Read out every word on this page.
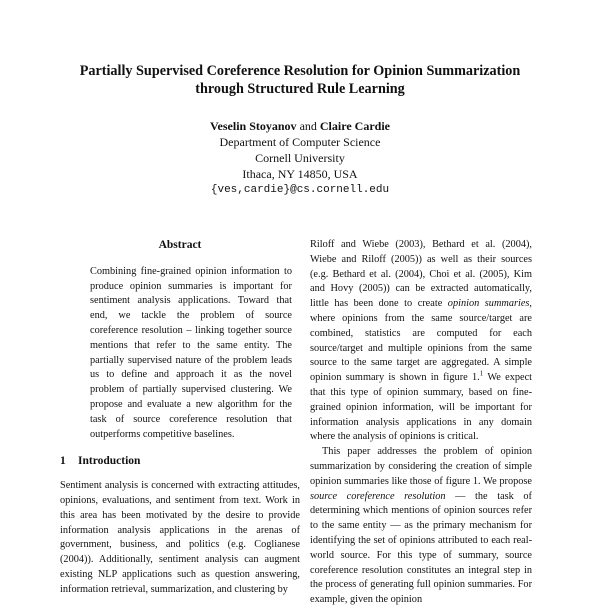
Partially Supervised Coreference Resolution for Opinion Summarization
through Structured Rule Learning
Veselin Stoyanov and Claire Cardie
Department of Computer Science
Cornell University
Ithaca, NY 14850, USA
{ves,cardie}@cs.cornell.edu
Abstract

Combining fine-grained opinion information to produce opinion summaries is important for sentiment analysis applications. Toward that end, we tackle the problem of source coreference resolution – linking together source mentions that refer to the same entity. The partially supervised nature of the problem leads us to define and approach it as the novel problem of partially supervised clustering. We propose and evaluate a new algorithm for the task of source coreference resolution that outperforms competitive baselines.

1 Introduction

Sentiment analysis is concerned with extracting attitudes, opinions, evaluations, and sentiment from text. Work in this area has been motivated by the desire to provide information analysis applications in the arenas of government, business, and politics (e.g. Coglianese (2004)). Additionally, sentiment analysis can augment existing NLP applications such as question answering, information retrieval, summarization, and clustering by

Riloff and Wiebe (2003), Bethard et al. (2004), Wiebe and Riloff (2005)) as well as their sources (e.g. Bethard et al. (2004), Choi et al. (2005), Kim and Hovy (2005)) can be extracted automatically, little has been done to create opinion summaries, where opinions from the same source/target are combined, statistics are computed for each source/target and multiple opinions from the same source to the same target are aggregated. A simple opinion summary is shown in figure 1.$^1$ We expect that this type of opinion summary, based on fine-grained opinion information, will be important for information analysis applications in any domain where the analysis of opinions is critical.

This paper addresses the problem of opinion summarization by considering the creation of simple opinion summaries like those of figure 1. We propose source coreference resolution — the task of determining which mentions of opinion sources refer to the same entity — as the primary mechanism for identifying the set of opinions attributed to each real-world source. For this type of summary, source coreference resolution constitutes an integral step in the process of generating full opinion summaries. For example, given the opinion
